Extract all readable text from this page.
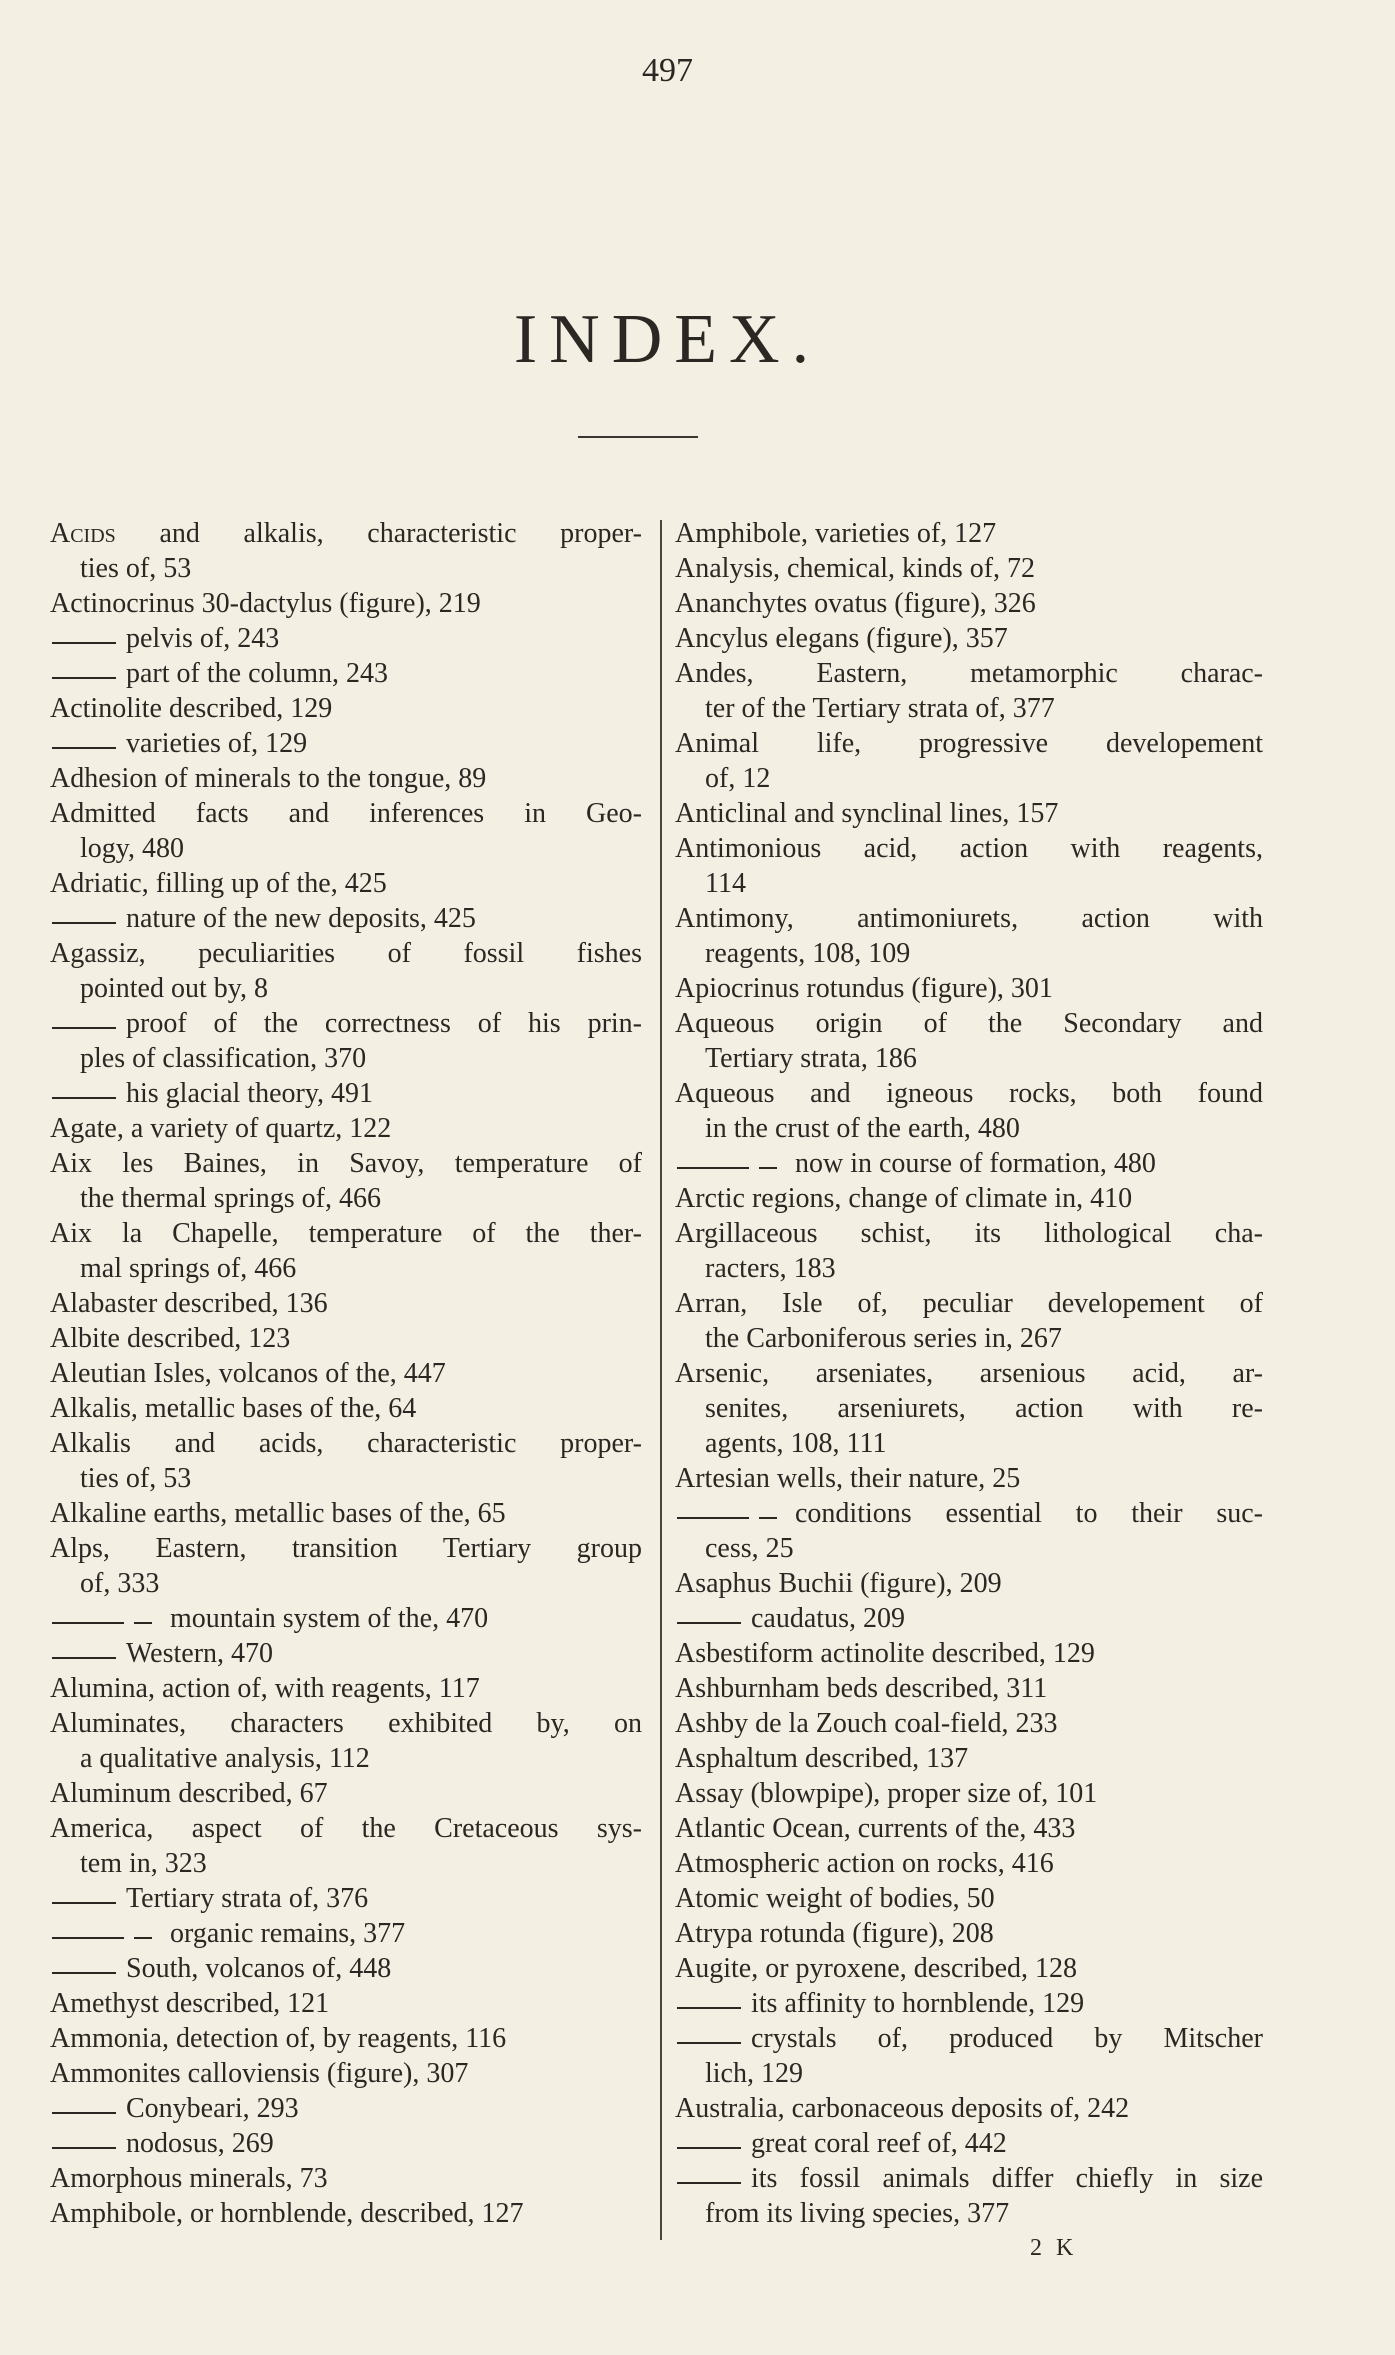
497
INDEX.
Acids and alkalis, characteristic proper-
ties of, 53
Actinocrinus 30-dactylus (figure), 219
pelvis of, 243
part of the column, 243
Actinolite described, 129
varieties of, 129
Adhesion of minerals to the tongue, 89
Admitted facts and inferences in Geo-
logy, 480
Adriatic, filling up of the, 425
nature of the new deposits, 425
Agassiz, peculiarities of fossil fishes
pointed out by, 8
proof of the correctness of his prin-
ples of classification, 370
his glacial theory, 491
Agate, a variety of quartz, 122
Aix les Baines, in Savoy, temperature of
the thermal springs of, 466
Aix la Chapelle, temperature of the ther-
mal springs of, 466
Alabaster described, 136
Albite described, 123
Aleutian Isles, volcanos of the, 447
Alkalis, metallic bases of the, 64
Alkalis and acids, characteristic proper-
ties of, 53
Alkaline earths, metallic bases of the, 65
Alps, Eastern, transition Tertiary group
of, 333
mountain system of the, 470
Western, 470
Alumina, action of, with reagents, 117
Aluminates, characters exhibited by, on
a qualitative analysis, 112
Aluminum described, 67
America, aspect of the Cretaceous sys-
tem in, 323
Tertiary strata of, 376
organic remains, 377
South, volcanos of, 448
Amethyst described, 121
Ammonia, detection of, by reagents, 116
Ammonites calloviensis (figure), 307
Conybeari, 293
nodosus, 269
Amorphous minerals, 73
Amphibole, or hornblende, described, 127
Amphibole, varieties of, 127
Analysis, chemical, kinds of, 72
Ananchytes ovatus (figure), 326
Ancylus elegans (figure), 357
Andes, Eastern, metamorphic charac-
ter of the Tertiary strata of, 377
Animal life, progressive developement
of, 12
Anticlinal and synclinal lines, 157
Antimonious acid, action with reagents,
114
Antimony, antimoniurets, action with
reagents, 108, 109
Apiocrinus rotundus (figure), 301
Aqueous origin of the Secondary and
Tertiary strata, 186
Aqueous and igneous rocks, both found
in the crust of the earth, 480
now in course of formation, 480
Arctic regions, change of climate in, 410
Argillaceous schist, its lithological cha-
racters, 183
Arran, Isle of, peculiar developement of
the Carboniferous series in, 267
Arsenic, arseniates, arsenious acid, ar-
senites, arseniurets, action with re-
agents, 108, 111
Artesian wells, their nature, 25
conditions essential to their suc-
cess, 25
Asaphus Buchii (figure), 209
caudatus, 209
Asbestiform actinolite described, 129
Ashburnham beds described, 311
Ashby de la Zouch coal-field, 233
Asphaltum described, 137
Assay (blowpipe), proper size of, 101
Atlantic Ocean, currents of the, 433
Atmospheric action on rocks, 416
Atomic weight of bodies, 50
Atrypa rotunda (figure), 208
Augite, or pyroxene, described, 128
its affinity to hornblende, 129
crystals of, produced by Mitscher
lich, 129
Australia, carbonaceous deposits of, 242
great coral reef of, 442
its fossil animals differ chiefly in size
from its living species, 377
2 K
